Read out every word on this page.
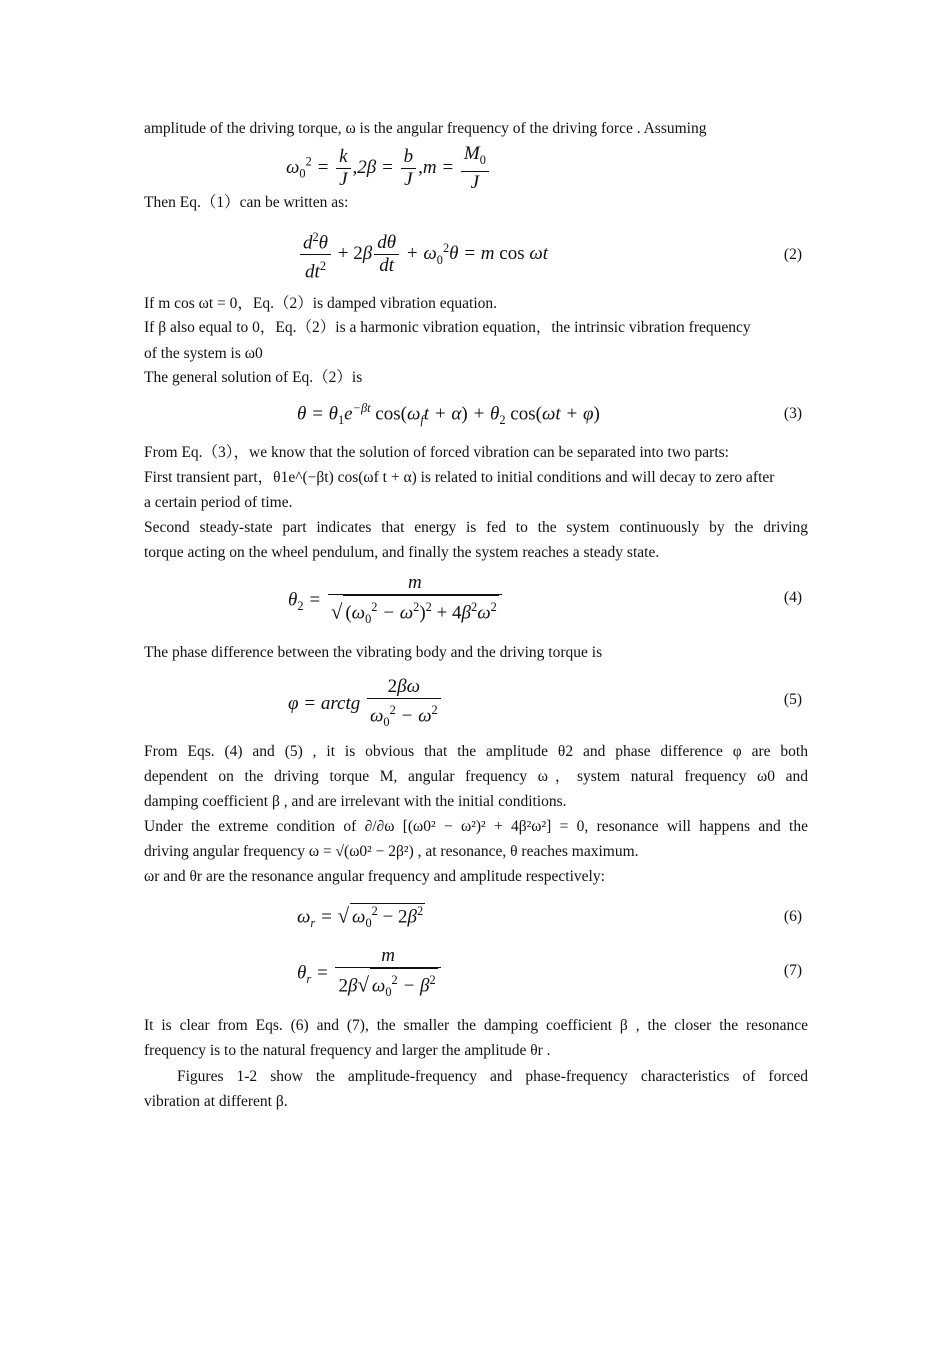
amplitude of the driving torque, ω is the angular frequency of the driving force . Assuming
$\omega_0^2 = \frac{k}{J} ,2\beta = \frac{b}{J} ,m = \frac{M_0}{J}$
Then Eq.（1）can be written as:
$\frac{d^2\theta}{dt^2} + 2\beta \frac{d\theta}{dt} + \omega_0^2\theta = m$ cos ωt	(2)
If m cos ωt = 0，Eq.（2）is damped vibration equation.
If β also equal to 0，Eq.（2）is a harmonic vibration equation，the intrinsic vibration frequency
of the system is ω0
The general solution of Eq.（2）is
$\theta = \theta_1e^{-\beta t}$ $\cos(\omega_ft + \alpha) + \theta_2$ cos(ωt + φ)	(3)
From Eq.（3），we know that the solution of forced vibration can be separated into two parts:
First transient part，θ1e^(−βt) cos(ωf t + α) is related to initial conditions and will decay to zero after
a certain period of time.
Second steady-state part indicates that energy is fed to the system continuously by the driving
torque acting on the wheel pendulum, and finally the system reaches a steady state.
$\theta_2 = \frac{m}{√ (\omega_0^2 - \omega^2)^2 + 4\beta^2\omega^2}$	(4)
The phase difference between the vibrating body and the driving torque is
φ = arctg $\frac{2\beta\omega}{\omega_0^2 - \omega^2}$	(5)
From Eqs. (4) and (5) , it is obvious that the amplitude θ2 and phase difference φ are both
dependent on the driving torque M, angular frequency ω，system natural frequency ω0 and
damping coefficient β , and are irrelevant with the initial conditions.
Under the extreme condition of ∂/∂ω [(ω0² − ω²)² + 4β²ω²] = 0, resonance will happens and the
driving angular frequency ω = √(ω0² − 2β²) , at resonance, θ reaches maximum.
ωr and θr are the resonance angular frequency and amplitude respectively:
$\omega_r$ = √ $\omega_0^2 - 2\beta^2$	(6)
$\theta_r = \frac{m}{2\beta√ \omega_0^2 - \beta^2}$	(7)
It is clear from Eqs. (6) and (7), the smaller the damping coefficient β , the closer the resonance
frequency is to the natural frequency and larger the amplitude θr .
Figures 1-2 show the amplitude-frequency and phase-frequency characteristics of forced
vibration at different β.
